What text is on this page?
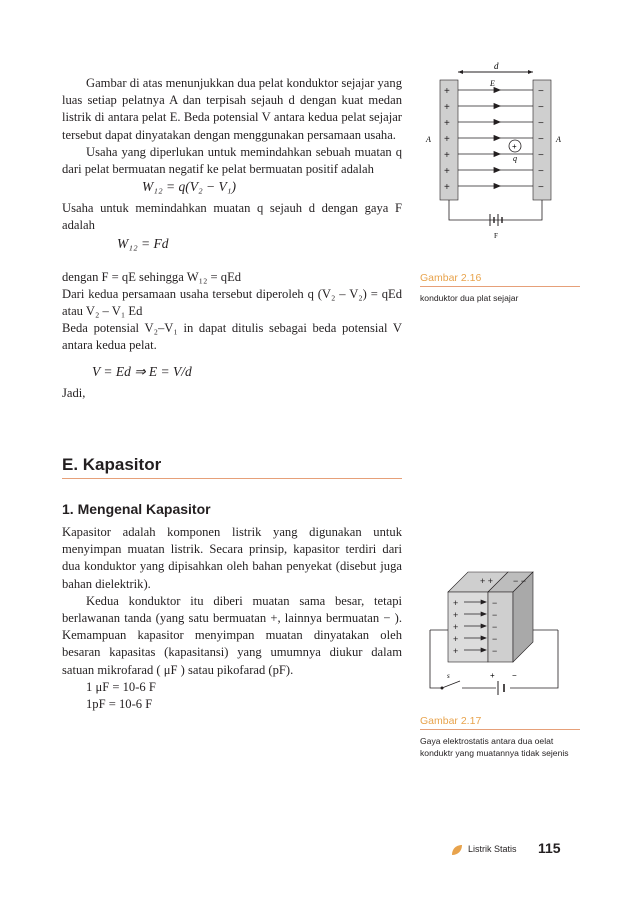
Gambar di atas menunjukkan dua pelat konduktor sejajar yang luas setiap pelatnya A dan terpisah sejauh d dengan kuat medan listrik di antara pelat E. Beda potensial V antara kedua pelat sejajar tersebut dapat dinyatakan dengan menggunakan persamaan usaha.

Usaha yang diperlukan untuk memindahkan sebuah muatan q dari pelat bermuatan negatif ke pelat bermuatan positif adalah

W₁₂ = q(V₂ − V₁)

Usaha untuk memindahkan muatan q sejauh d dengan gaya F adalah

W₁₂ = Fd

dengan F = qE sehingga W₁₂ = qEd

Dari kedua persamaan usaha tersebut diperoleh q (V₂ – V₂) = qEd atau V₂ – V₁ Ed

Beda potensial V₂–V₁ in dapat ditulis sebagai beda potensial V antara kedua pelat.

V = Ed ⇒ E = V/d

Jadi,

E. Kapasitor
1. Mengenal Kapasitor

Kapasitor adalah komponen listrik yang digunakan untuk menyimpan muatan listrik. Secara prinsip, kapasitor terdiri dari dua konduktor yang dipisahkan oleh bahan penyekat (disebut juga bahan dielektrik).

Kedua konduktor itu diberi muatan sama besar, tetapi berlawanan tanda (yang satu bermuatan +, lainnya bermuatan − ). Kemampuan kapasitor menyimpan muatan dinyatakan oleh besaran kapasitas (kapasitansi) yang umumnya diukur dalam satuan mikrofarad ( μF ) satau pikofarad (pF).

1 μF = 10-6 F
1pF = 10-6 F
d
+
+
+
+
+
+
+
−
−
−
−
−
−
−
E
+
q
A	A
F
Gambar 2.16
konduktor dua plat sejajar
+
+
+
+
+
−
−
−
−
−
+ + − −
s	+ −
Gambar 2.17
Gaya elektrostatis antara dua oelat konduktr yang muatannya tidak sejenis
Listrik Statis 115
